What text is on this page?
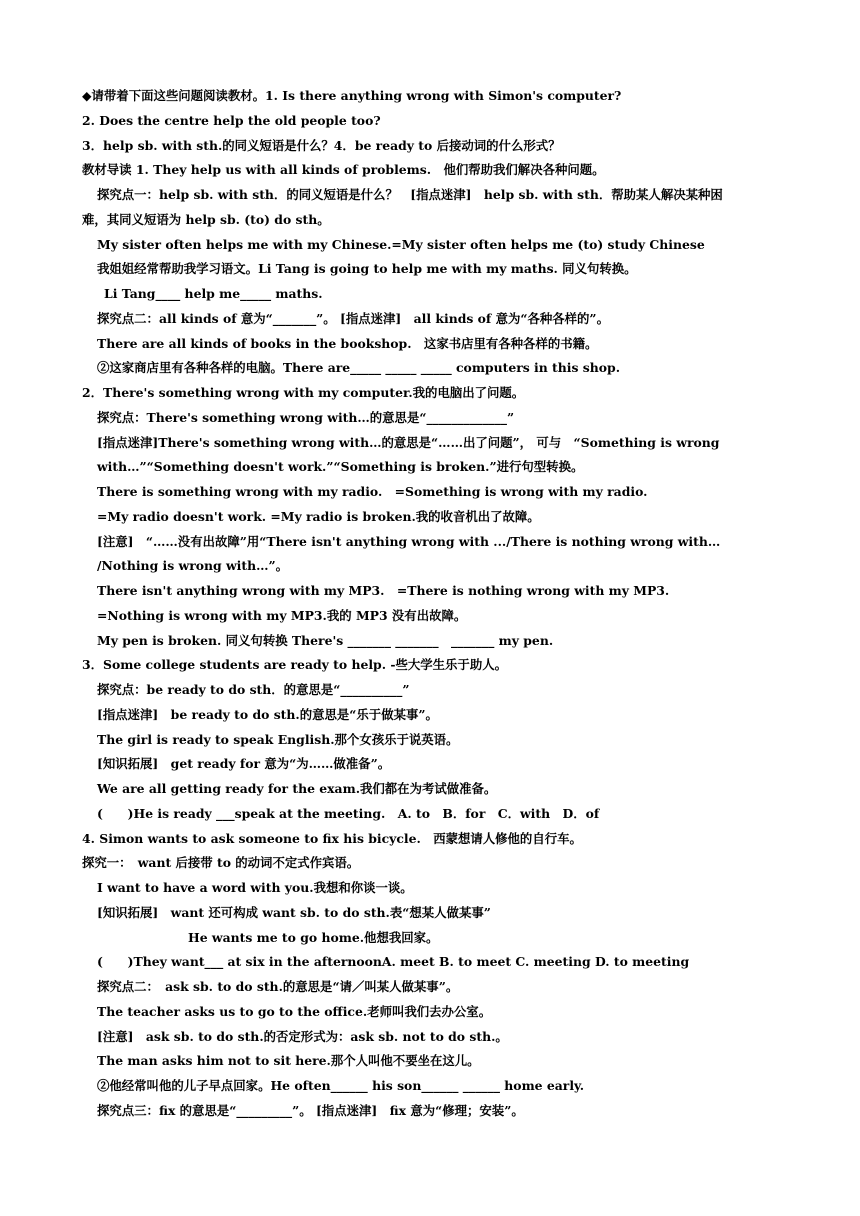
◆请带着下面这些问题阅读教材。1. Is there anything wrong with Simon's computer?
2. Does the centre help the old people too?
3．help sb. with sth.的同义短语是什么？4．be ready to 后接动词的什么形式？
教材导读 1. They help us with all kinds of problems.　他们帮助我们解决各种问题。
探究点一：help sb. with sth．的同义短语是什么？　[指点迷津]　help sb. with sth．帮助某人解决某种困
难，其同义短语为 help sb. (to) do sth。
My sister often helps me with my Chinese.=My sister often helps me (to) study Chinese
我姐姐经常帮助我学习语文。Li Tang is going to help me with my maths. 同义句转换。
Li Tang____ help me_____ maths.
探究点二：all kinds of 意为“_______”。 [指点迷津]　all kinds of 意为“各种各样的”。
There are all kinds of books in the bookshop.　这家书店里有各种各样的书籍。
②这家商店里有各种各样的电脑。There are_____ _____ _____ computers in this shop.
2．There's something wrong with my computer.我的电脑出了问题。
探究点：There's something wrong with…的意思是“_____________”
[指点迷津]There's something wrong with…的意思是“……出了问题”， 可与　“Something is wrong
with…”“Something doesn't work.”“Something is broken.”进行句型转换。
There is something wrong with my radio.　=Something is wrong with my radio.
=My radio doesn't work. =My radio is broken.我的收音机出了故障。
[注意]　“……没有出故障”用“There isn't anything wrong with .../There is nothing wrong with…
/Nothing is wrong with…”。
There isn't anything wrong with my MP3.　=There is nothing wrong with my MP3.
=Nothing is wrong with my MP3.我的 MP3 没有出故障。
My pen is broken. 同义句转换 There's _______ _______　_______ my pen.
3．Some college students are ready to help. -些大学生乐于助人。
探究点：be ready to do sth．的意思是“__________”
[指点迷津]　be ready to do sth.的意思是“乐于做某事”。
The girl is ready to speak English.那个女孩乐于说英语。
[知识拓展]　get ready for 意为“为……做准备”。
We are all getting ready for the exam.我们都在为考试做准备。
(　　)He is ready ___speak at the meeting.　A. to　B．for　C．with　D．of
4. Simon wants to ask someone to fix his bicycle.　西蒙想请人修他的自行车。
探究一：　want 后接带 to 的动词不定式作宾语。
I want to have a word with you.我想和你谈一谈。
[知识拓展]　want 还可构成 want sb. to do sth.表“想某人做某事”
He wants me to go home.他想我回家。
(　　)They want___ at six in the afternoonA. meet B. to meet C. meeting D. to meeting
探究点二：　ask sb. to do sth.的意思是“请／叫某人做某事”。
The teacher asks us to go to the office.老师叫我们去办公室。
[注意]　ask sb. to do sth.的否定形式为：ask sb. not to do sth.。
The man asks him not to sit here.那个人叫他不要坐在这儿。
②他经常叫他的儿子早点回家。He often______ his son______ ______ home early.
探究点三：fix 的意思是“_________”。 [指点迷津]　fix 意为“修理；安装”。
